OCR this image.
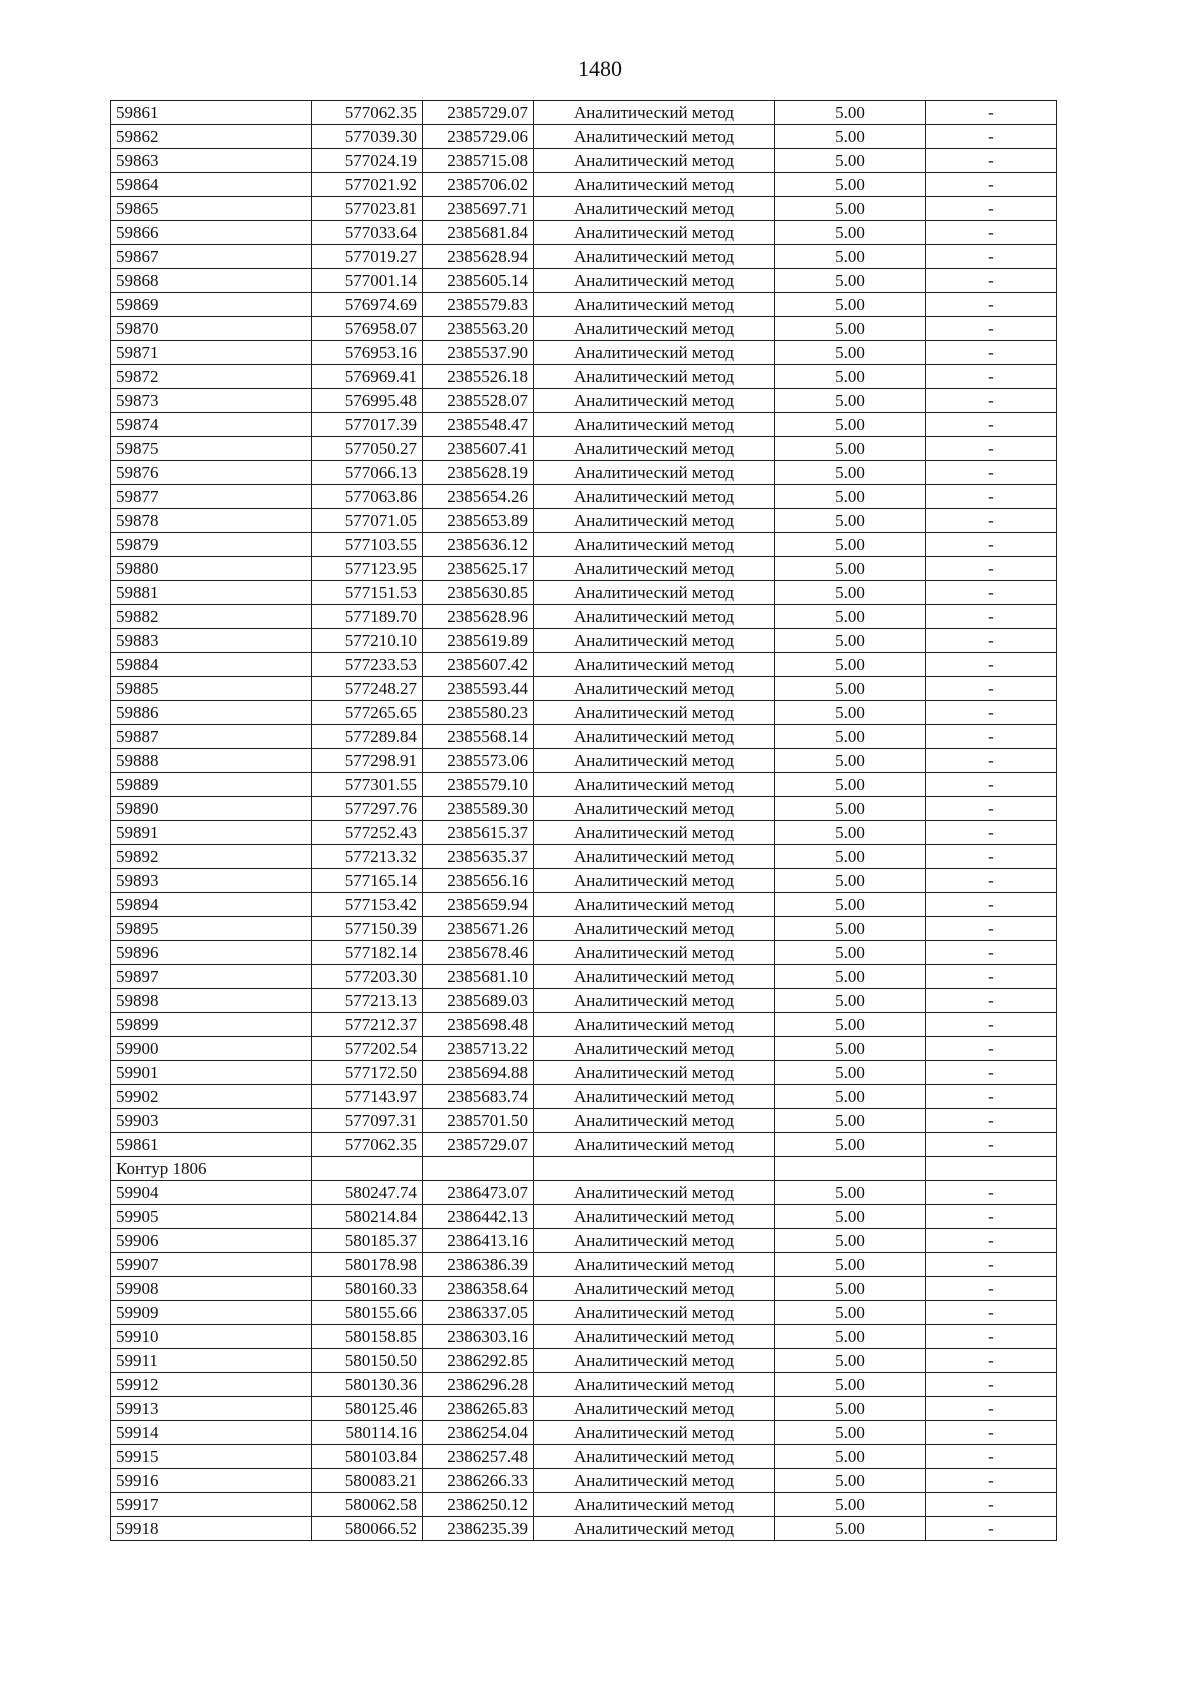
1480
59861	577062.35	2385729.07	Аналитический метод	5.00	-
59862	577039.30	2385729.06	Аналитический метод	5.00	-
59863	577024.19	2385715.08	Аналитический метод	5.00	-
59864	577021.92	2385706.02	Аналитический метод	5.00	-
59865	577023.81	2385697.71	Аналитический метод	5.00	-
59866	577033.64	2385681.84	Аналитический метод	5.00	-
59867	577019.27	2385628.94	Аналитический метод	5.00	-
59868	577001.14	2385605.14	Аналитический метод	5.00	-
59869	576974.69	2385579.83	Аналитический метод	5.00	-
59870	576958.07	2385563.20	Аналитический метод	5.00	-
59871	576953.16	2385537.90	Аналитический метод	5.00	-
59872	576969.41	2385526.18	Аналитический метод	5.00	-
59873	576995.48	2385528.07	Аналитический метод	5.00	-
59874	577017.39	2385548.47	Аналитический метод	5.00	-
59875	577050.27	2385607.41	Аналитический метод	5.00	-
59876	577066.13	2385628.19	Аналитический метод	5.00	-
59877	577063.86	2385654.26	Аналитический метод	5.00	-
59878	577071.05	2385653.89	Аналитический метод	5.00	-
59879	577103.55	2385636.12	Аналитический метод	5.00	-
59880	577123.95	2385625.17	Аналитический метод	5.00	-
59881	577151.53	2385630.85	Аналитический метод	5.00	-
59882	577189.70	2385628.96	Аналитический метод	5.00	-
59883	577210.10	2385619.89	Аналитический метод	5.00	-
59884	577233.53	2385607.42	Аналитический метод	5.00	-
59885	577248.27	2385593.44	Аналитический метод	5.00	-
59886	577265.65	2385580.23	Аналитический метод	5.00	-
59887	577289.84	2385568.14	Аналитический метод	5.00	-
59888	577298.91	2385573.06	Аналитический метод	5.00	-
59889	577301.55	2385579.10	Аналитический метод	5.00	-
59890	577297.76	2385589.30	Аналитический метод	5.00	-
59891	577252.43	2385615.37	Аналитический метод	5.00	-
59892	577213.32	2385635.37	Аналитический метод	5.00	-
59893	577165.14	2385656.16	Аналитический метод	5.00	-
59894	577153.42	2385659.94	Аналитический метод	5.00	-
59895	577150.39	2385671.26	Аналитический метод	5.00	-
59896	577182.14	2385678.46	Аналитический метод	5.00	-
59897	577203.30	2385681.10	Аналитический метод	5.00	-
59898	577213.13	2385689.03	Аналитический метод	5.00	-
59899	577212.37	2385698.48	Аналитический метод	5.00	-
59900	577202.54	2385713.22	Аналитический метод	5.00	-
59901	577172.50	2385694.88	Аналитический метод	5.00	-
59902	577143.97	2385683.74	Аналитический метод	5.00	-
59903	577097.31	2385701.50	Аналитический метод	5.00	-
59861	577062.35	2385729.07	Аналитический метод	5.00	-
Контур 1806					
59904	580247.74	2386473.07	Аналитический метод	5.00	-
59905	580214.84	2386442.13	Аналитический метод	5.00	-
59906	580185.37	2386413.16	Аналитический метод	5.00	-
59907	580178.98	2386386.39	Аналитический метод	5.00	-
59908	580160.33	2386358.64	Аналитический метод	5.00	-
59909	580155.66	2386337.05	Аналитический метод	5.00	-
59910	580158.85	2386303.16	Аналитический метод	5.00	-
59911	580150.50	2386292.85	Аналитический метод	5.00	-
59912	580130.36	2386296.28	Аналитический метод	5.00	-
59913	580125.46	2386265.83	Аналитический метод	5.00	-
59914	580114.16	2386254.04	Аналитический метод	5.00	-
59915	580103.84	2386257.48	Аналитический метод	5.00	-
59916	580083.21	2386266.33	Аналитический метод	5.00	-
59917	580062.58	2386250.12	Аналитический метод	5.00	-
59918	580066.52	2386235.39	Аналитический метод	5.00	-
